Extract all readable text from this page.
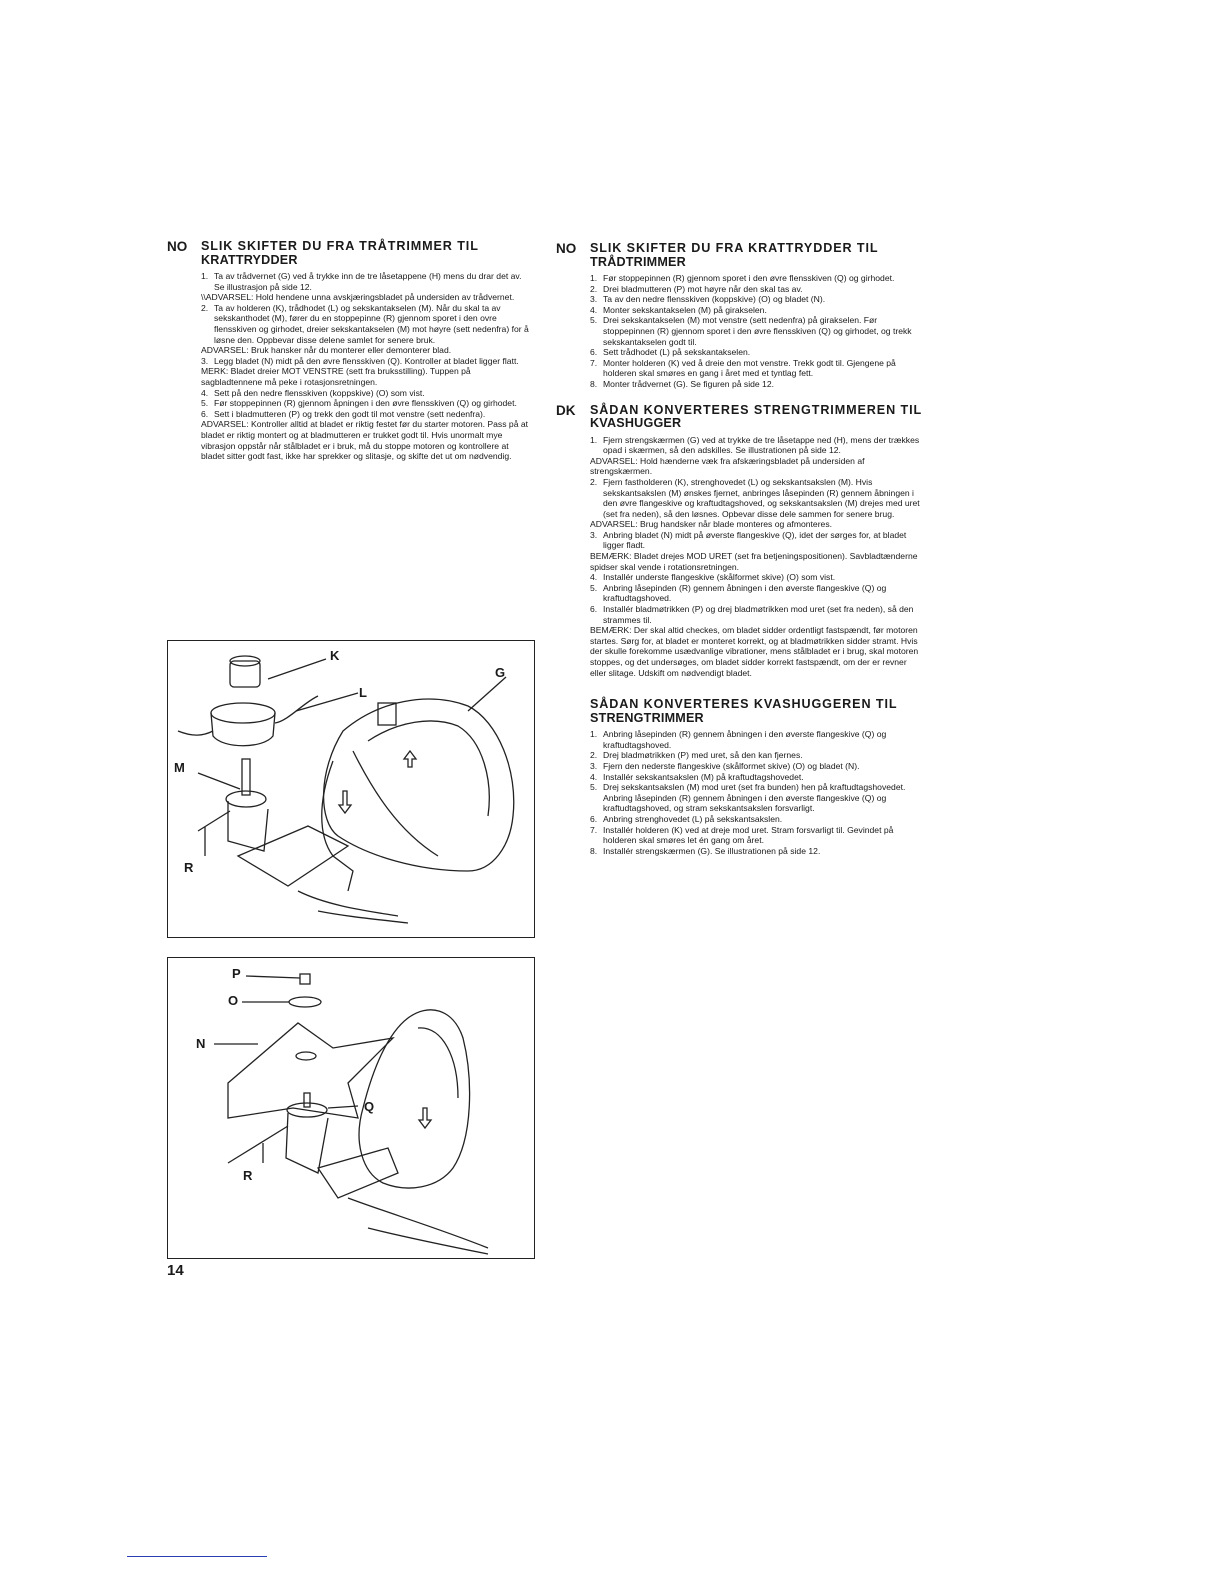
NO	SLIK SKIFTER DU FRA TRÅTRIMMER TIL
KRATTRYDDER
1. Ta av trådvernet (G) ved å trykke inn de tre låsetappene (H) mens du drar det av. Se illustrasjon på side 12.
\\ADVARSEL: Hold hendene unna avskjæringsbladet på undersiden av trådvernet.
2. Ta av holderen (K), trådhodet (L) og sekskantakselen (M). Når du skal ta av sekskanthodet (M), fører du en stoppepinne (R) gjennom sporet i den ovre flensskiven og girhodet, dreier sekskantakselen (M) mot høyre (sett nedenfra) for å løsne den. Oppbevar disse delene samlet for senere bruk.
ADVARSEL: Bruk hansker når du monterer eller demonterer blad.
3. Legg bladet (N) midt på den øvre flensskiven (Q). Kontroller at bladet ligger flatt.
MERK: Bladet dreier MOT VENSTRE (sett fra bruksstilling). Tuppen på sagbladtennene må peke i rotasjonsretningen.
4. Sett på den nedre flensskiven (koppskive) (O) som vist.
5. Før stoppepinnen (R) gjennom åpningen i den øvre flensskiven (Q) og girhodet.
6. Sett i bladmutteren (P) og trekk den godt til mot venstre (sett nedenfra).
ADVARSEL: Kontroller alltid at bladet er riktig festet før du starter motoren. Pass på at bladet er riktig montert og at bladmutteren er trukket godt til. Hvis unormalt mye vibrasjon oppstår når stålbladet er i bruk, må du stoppe motoren og kontrollere at bladet sitter godt fast, ikke har sprekker og slitasje, og skifte det ut om nødvendig.
NO	SLIK SKIFTER DU FRA KRATTRYDDER TIL
TRÅDTRIMMER
1. Før stoppepinnen (R) gjennom sporet i den øvre flensskiven (Q) og girhodet.
2. Drei bladmutteren (P) mot høyre når den skal tas av.
3. Ta av den nedre flensskiven (koppskive) (O) og bladet (N).
4. Monter sekskantakselen (M) på girakselen.
5. Drei sekskantakselen (M) mot venstre (sett nedenfra) på girakselen. Før stoppepinnen (R) gjennom sporet i den øvre flensskiven (Q) og girhodet, og trekk sekskantakselen godt til.
6. Sett trådhodet (L) på sekskantakselen.
7. Monter holderen (K) ved å dreie den mot venstre. Trekk godt til. Gjengene på holderen skal smøres en gang i året med et tyntlag fett.
8. Monter trådvernet (G). Se figuren på side 12.
DK	SÅDAN KONVERTERES STRENGTRIMMEREN TIL
KVASHUGGER
1. Fjern strengskærmen (G) ved at trykke de tre låsetappe ned (H), mens der trækkes opad i skærmen, så den adskilles. Se illustrationen på side 12.
ADVARSEL: Hold hænderne væk fra afskæringsbladet på undersiden af strengskærmen.
2. Fjern fastholderen (K), strenghovedet (L) og sekskantsakslen (M). Hvis sekskantsakslen (M) ønskes fjernet, anbringes låsepinden (R) gennem åbningen i den øvre flangeskive og kraftudtagshoved, og sekskantsakslen (M) drejes med uret (set fra neden), så den løsnes. Opbevar disse dele sammen for senere brug.
ADVARSEL: Brug handsker når blade monteres og afmonteres.
3. Anbring bladet (N) midt på øverste flangeskive (Q), idet der sørges for, at bladet ligger fladt.
BEMÆRK: Bladet drejes MOD URET (set fra betjeningspositionen). Savbladtænderne spidser skal vende i rotationsretningen.
4. Installér underste flangeskive (skålformet skive) (O) som vist.
5. Anbring låsepinden (R) gennem åbningen i den øverste flangeskive (Q) og kraftudtagshoved.
6. Installér bladmøtrikken (P) og drej bladmøtrikken mod uret (set fra neden), så den strammes til.
BEMÆRK: Der skal altid checkes, om bladet sidder ordentligt fastspændt, før motoren startes. Sørg for, at bladet er monteret korrekt, og at bladmøtrikken sidder stramt. Hvis der skulle forekomme usædvanlige vibrationer, mens stålbladet er i brug, skal motoren stoppes, og det undersøges, om bladet sidder korrekt fastspændt, om der er revner eller slitage. Udskift om nødvendigt bladet.
SÅDAN KONVERTERES KVASHUGGEREN TIL
STRENGTRIMMER
1. Anbring låsepinden (R) gennem åbningen i den øverste flangeskive (Q) og kraftudtagshoved.
2. Drej bladmøtrikken (P) med uret, så den kan fjernes.
3. Fjern den nederste flangeskive (skålformet skive) (O) og bladet (N).
4. Installér sekskantsakslen (M) på kraftudtagshovedet.
5. Drej sekskantsakslen (M) mod uret (set fra bunden) hen på kraftudtagshovedet. Anbring låsepinden (R) gennem åbningen i den øverste flangeskive (Q) og kraftudtagshoved, og stram sekskantsakslen forsvarligt.
6. Anbring strenghovedet (L) på sekskantsakslen.
7. Installér holderen (K) ved at dreje mod uret. Stram forsvarligt til. Gevindet på holderen skal smøres let én gang om året.
8. Installér strengskærmen (G). Se illustrationen på side 12.
K
L
G
M
R
P
O
N
Q
R
14
